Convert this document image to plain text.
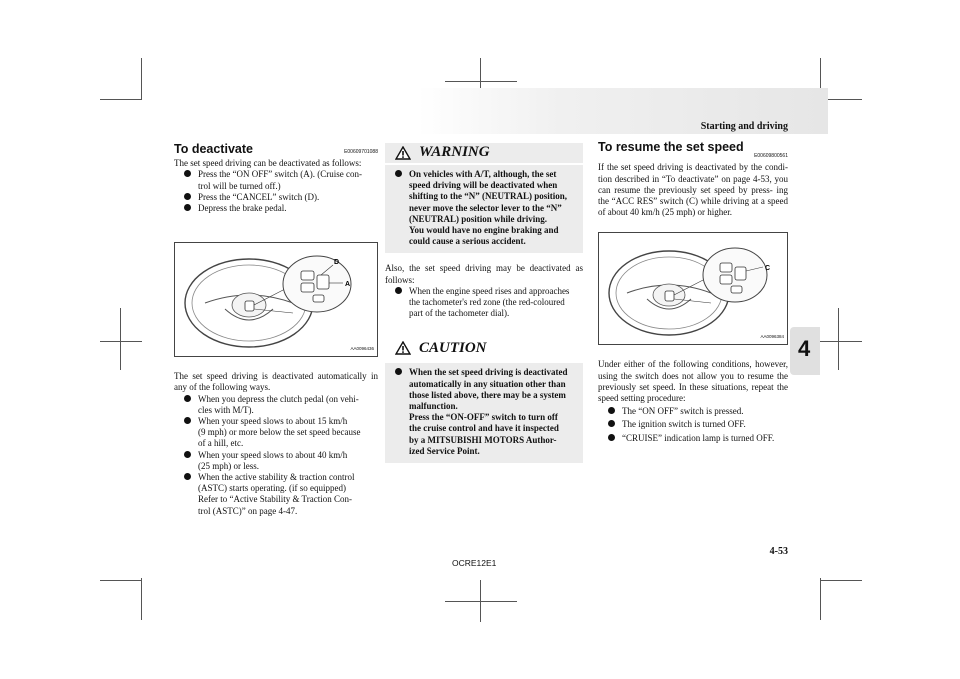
Starting and driving
4
To deactivate	E00609701088

The set speed driving can be deactivated as follows:

Press the “ON OFF” switch (A). (Cruise con-
trol will be turned off.)
Press the “CANCEL” switch (D).
Depress the brake pedal.
D
A
AA0096436

The set speed driving is deactivated automatically in any of the following ways.

When you depress the clutch pedal (on vehi-
cles with M/T).
When your speed slows to about 15 km/h
(9 mph) or more below the set speed because
of a hill, etc.
When your speed slows to about 40 km/h
(25 mph) or less.
When the active stability & traction control
(ASTC) starts operating. (if so equipped)
Refer to “Active Stability & Traction Con-
trol (ASTC)” on page 4-47.
WARNING
On vehicles with A/T, although, the set
speed driving will be deactivated when
shifting to the “N” (NEUTRAL) position,
never move the selector lever to the “N”
(NEUTRAL) position while driving.
You would have no engine braking and
could cause a serious accident.

Also, the set speed driving may be deactivated as follows:

When the engine speed rises and approaches
the tachometer's red zone (the red-coloured
part of the tachometer dial).
CAUTION
When the set speed driving is deactivated
automatically in any situation other than
those listed above, there may be a system
malfunction.
Press the “ON-OFF” switch to turn off
the cruise control and have it inspected
by a MITSUBISHI MOTORS Author-
ized Service Point.
To resume the set speed
E00609800561

If the set speed driving is deactivated by the condi- tion described in “To deactivate” on page 4-53, you can resume the previously set speed by press- ing the “ACC RES” switch (C) while driving at a speed of about 40 km/h (25 mph) or higher.

C
AA0096384

Under either of the following conditions, however, using the switch does not allow you to resume the previously set speed. In these situations, repeat the speed setting procedure:

The “ON OFF” switch is pressed.
The ignition switch is turned OFF.
“CRUISE” indication lamp is turned OFF.
4-53
OCRE12E1
